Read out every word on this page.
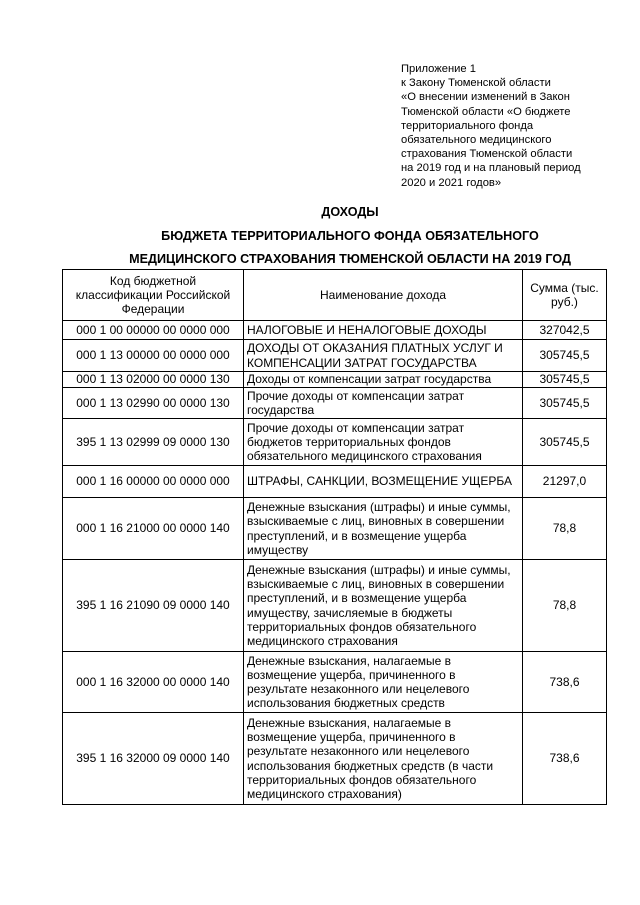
Приложение 1
к Закону Тюменской области
«О внесении изменений в Закон
Тюменской области «О бюджете
территориального фонда
обязательного медицинского
страхования Тюменской области
на 2019 год и на плановый период
2020 и 2021 годов»
ДОХОДЫ
БЮДЖЕТА ТЕРРИТОРИАЛЬНОГО ФОНДА ОБЯЗАТЕЛЬНОГО
МЕДИЦИНСКОГО СТРАХОВАНИЯ ТЮМЕНСКОЙ ОБЛАСТИ НА 2019 ГОД
Код бюджетной классификации Российской Федерации	Наименование дохода	Сумма (тыс. руб.)
000 1 00 00000 00 0000 000	НАЛОГОВЫЕ И НЕНАЛОГОВЫЕ ДОХОДЫ	327042,5
000 1 13 00000 00 0000 000	ДОХОДЫ ОТ ОКАЗАНИЯ ПЛАТНЫХ УСЛУГ И КОМПЕНСАЦИИ ЗАТРАТ ГОСУДАРСТВА	305745,5
000 1 13 02000 00 0000 130	Доходы от компенсации затрат государства	305745,5
000 1 13 02990 00 0000 130	Прочие доходы от компенсации затрат государства	305745,5
395 1 13 02999 09 0000 130	Прочие доходы от компенсации затрат бюджетов территориальных фондов обязательного медицинского страхования	305745,5
000 1 16 00000 00 0000 000	ШТРАФЫ, САНКЦИИ, ВОЗМЕЩЕНИЕ УЩЕРБА	21297,0
000 1 16 21000 00 0000 140	Денежные взыскания (штрафы) и иные суммы, взыскиваемые с лиц, виновных в совершении преступлений, и в возмещение ущерба имуществу	78,8
395 1 16 21090 09 0000 140	Денежные взыскания (штрафы) и иные суммы, взыскиваемые с лиц, виновных в совершении преступлений, и в возмещение ущерба имуществу, зачисляемые в бюджеты территориальных фондов обязательного медицинского страхования	78,8
000 1 16 32000 00 0000 140	Денежные взыскания, налагаемые в возмещение ущерба, причиненного в результате незаконного или нецелевого использования бюджетных средств	738,6
395 1 16 32000 09 0000 140	Денежные взыскания, налагаемые в возмещение ущерба, причиненного в результате незаконного или нецелевого использования бюджетных средств (в части территориальных фондов обязательного медицинского страхования)	738,6
